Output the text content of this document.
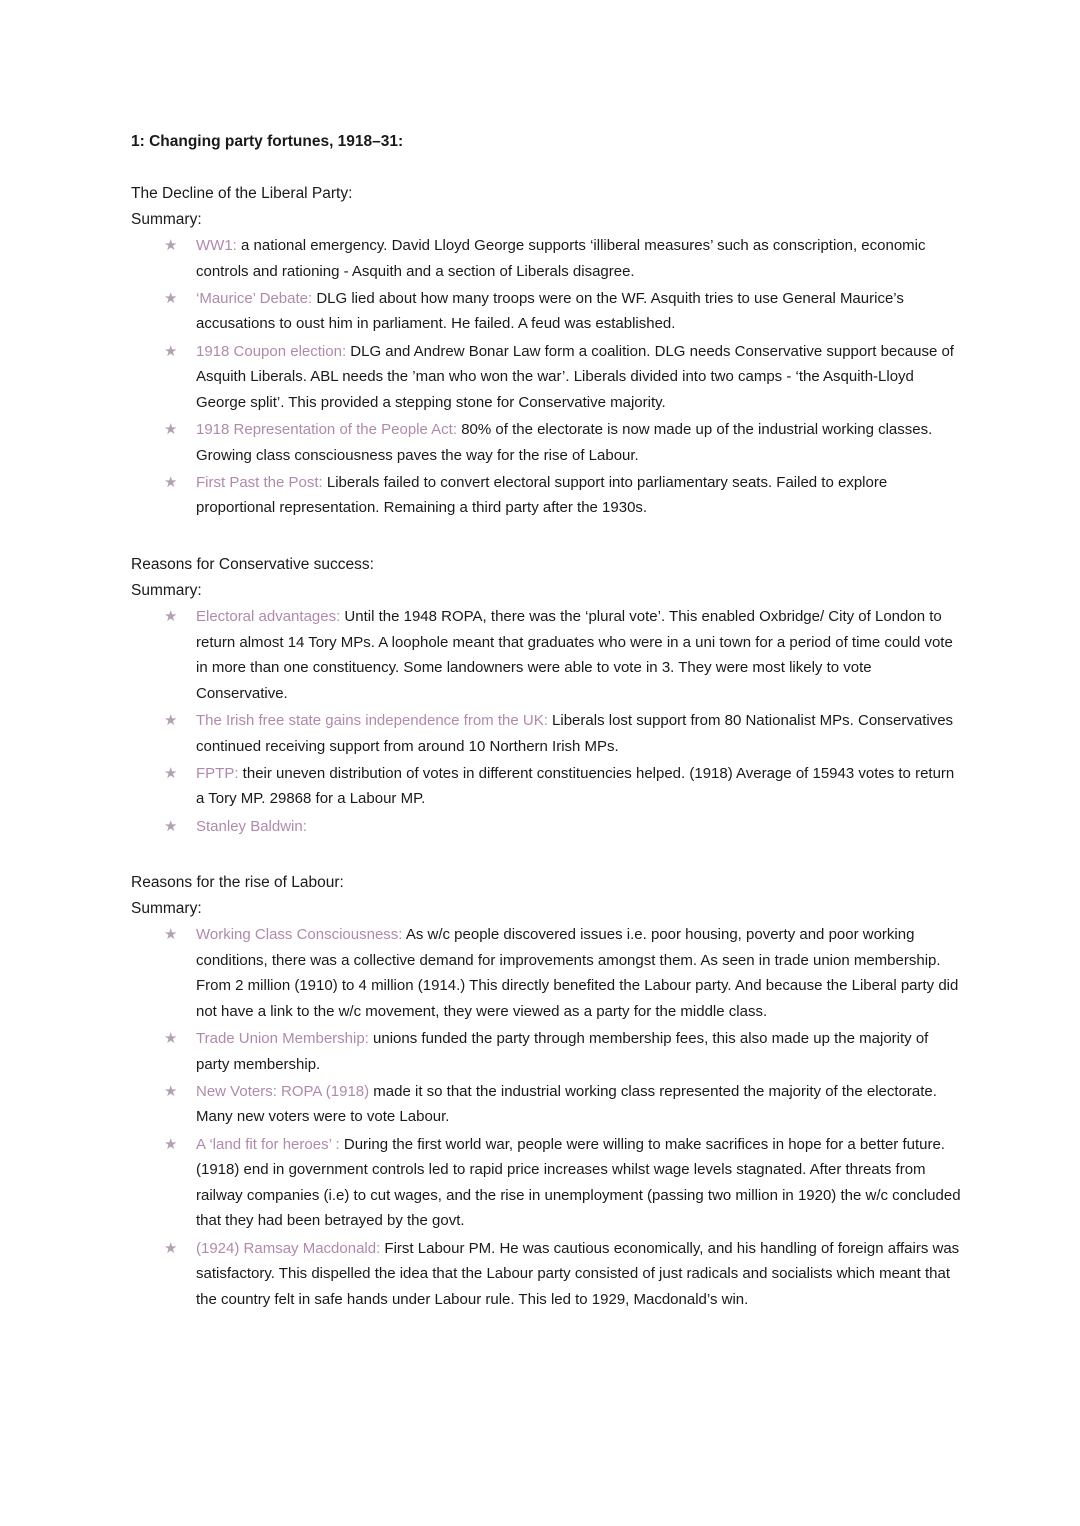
1: Changing party fortunes, 1918–31:

The Decline of the Liberal Party:

Summary:

★ WW1: a national emergency. David Lloyd George supports ‘illiberal measures’ such as conscription, economic controls and rationing - Asquith and a section of Liberals disagree.
★ ‘Maurice’ Debate: DLG lied about how many troops were on the WF. Asquith tries to use General Maurice’s accusations to oust him in parliament. He failed. A feud was established.
★ 1918 Coupon election: DLG and Andrew Bonar Law form a coalition. DLG needs Conservative support because of Asquith Liberals. ABL needs the ’man who won the war’. Liberals divided into two camps - ‘the Asquith-Lloyd George split’. This provided a stepping stone for Conservative majority.
★ 1918 Representation of the People Act: 80% of the electorate is now made up of the industrial working classes. Growing class consciousness paves the way for the rise of Labour.
★ First Past the Post: Liberals failed to convert electoral support into parliamentary seats. Failed to explore proportional representation. Remaining a third party after the 1930s.

Reasons for Conservative success:

Summary:

★ Electoral advantages: Until the 1948 ROPA, there was the ‘plural vote’. This enabled Oxbridge/ City of London to return almost 14 Tory MPs. A loophole meant that graduates who were in a uni town for a period of time could vote in more than one constituency. Some landowners were able to vote in 3. They were most likely to vote Conservative.
★ The Irish free state gains independence from the UK: Liberals lost support from 80 Nationalist MPs. Conservatives continued receiving support from around 10 Northern Irish MPs.
★ FPTP: their uneven distribution of votes in different constituencies helped. (1918) Average of 15943 votes to return a Tory MP. 29868 for a Labour MP.
★ Stanley Baldwin:

Reasons for the rise of Labour:

Summary:

★ Working Class Consciousness: As w/c people discovered issues i.e. poor housing, poverty and poor working conditions, there was a collective demand for improvements amongst them. As seen in trade union membership. From 2 million (1910) to 4 million (1914.) This directly benefited the Labour party. And because the Liberal party did not have a link to the w/c movement, they were viewed as a party for the middle class.
★ Trade Union Membership: unions funded the party through membership fees, this also made up the majority of party membership.
★ New Voters: ROPA (1918) made it so that the industrial working class represented the majority of the electorate. Many new voters were to vote Labour.
★ A ‘land fit for heroes’ : During the first world war, people were willing to make sacrifices in hope for a better future. (1918) end in government controls led to rapid price increases whilst wage levels stagnated. After threats from railway companies (i.e) to cut wages, and the rise in unemployment (passing two million in 1920) the w/c concluded that they had been betrayed by the govt.
★ (1924) Ramsay Macdonald: First Labour PM. He was cautious economically, and his handling of foreign affairs was satisfactory. This dispelled the idea that the Labour party consisted of just radicals and socialists which meant that the country felt in safe hands under Labour rule. This led to 1929, Macdonald’s win.
